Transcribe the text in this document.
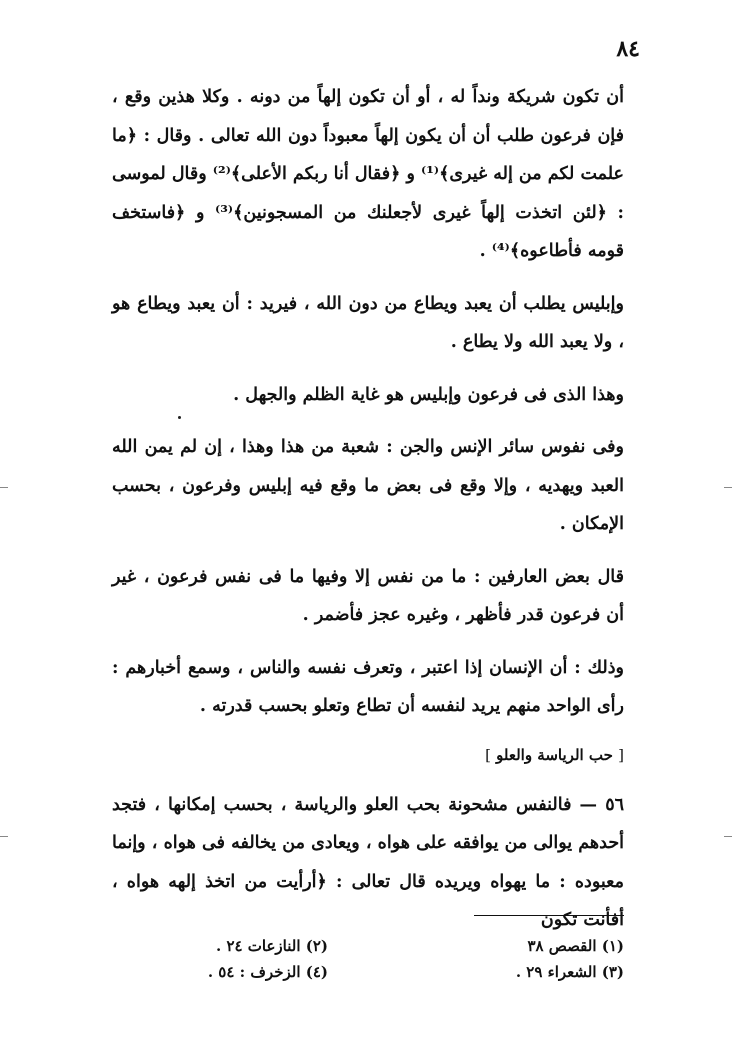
٨٤

أن تكون شريكة ونداً له ، أو أن تكون إلهاً من دونه . وكلا هذين وقع ، فإن فرعون طلب أن أن يكون إلهاً معبوداً دون الله تعالى . وقال : ﴿ما علمت لكم من إله غيرى﴾⁽¹⁾ و ﴿فقال أنا ربكم الأعلى﴾⁽²⁾ وقال لموسى : ﴿لئن اتخذت إلهاً غيرى لأجعلنك من المسجونين﴾⁽³⁾ و ﴿فاستخف قومه فأطاعوه﴾⁽⁴⁾ .

وإبليس يطلب أن يعبد ويطاع من دون الله ، فيريد : أن يعبد ويطاع هو ، ولا يعبد الله ولا يطاع .

وهذا الذى فى فرعون وإبليس هو غاية الظلم والجهل .

وفى نفوس سائر الإنس والجن : شعبة من هذا وهذا ، إن لم يمن الله العبد ويهديه ، وإلا وقع فى بعض ما وقع فيه إبليس وفرعون ، بحسب الإمكان .

قال بعض العارفين : ما من نفس إلا وفيها ما فى نفس فرعون ، غير أن فرعون قدر فأظهر ، وغيره عجز فأضمر .

وذلك : أن الإنسان إذا اعتبر ، وتعرف نفسه والناس ، وسمع أخبارهم : رأى الواحد منهم يريد لنفسه أن تطاع وتعلو بحسب قدرته .

[ حب الرياسة والعلو ]

٥٦ — فالنفس مشحونة بحب العلو والرياسة ، بحسب إمكانها ، فتجد أحدهم يوالى من يوافقه على هواه ، ويعادى من يخالفه فى هواه ، وإنما معبوده : ما يهواه ويريده قال تعالى : ﴿أرأيت من اتخذ إلهه هواه ، أفأنت تكون

(١) القصص ٣٨
(٢) النازعات ٢٤ .
(٣) الشعراء ٢٩ .
(٤) الزخرف : ٥٤ .
